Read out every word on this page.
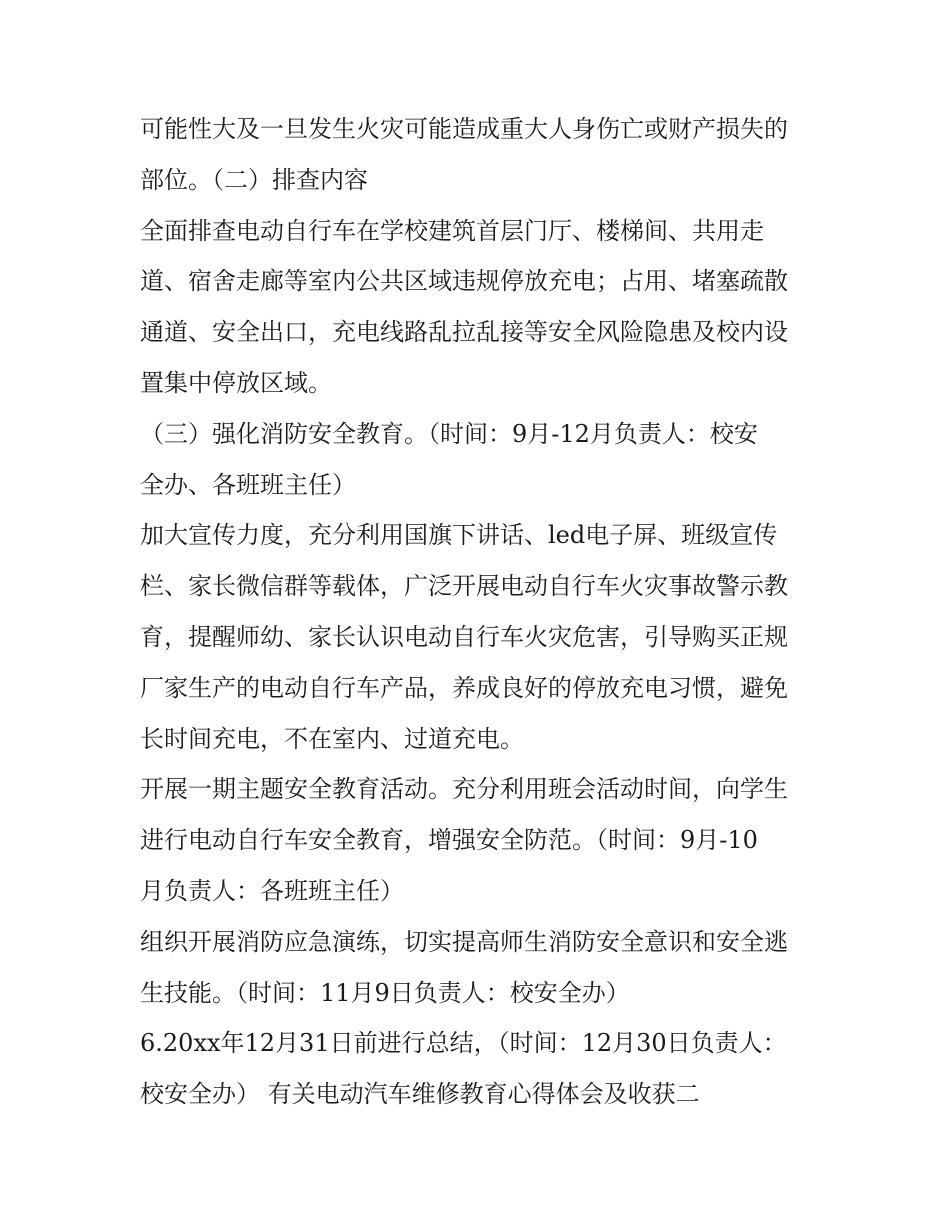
可能性大及一旦发生火灾可能造成重大人身伤亡或财产损失的
部位。（二）排查内容
全面排查电动自行车在学校建筑首层门厅、楼梯间、共用走
道、宿舍走廊等室内公共区域违规停放充电；占用、堵塞疏散
通道、安全出口，充电线路乱拉乱接等安全风险隐患及校内设
置集中停放区域。
（三）强化消防安全教育。（时间：9月-12月负责人：校安
全办、各班班主任）
加大宣传力度，充分利用国旗下讲话、led电子屏、班级宣传
栏、家长微信群等载体，广泛开展电动自行车火灾事故警示教
育，提醒师幼、家长认识电动自行车火灾危害，引导购买正规
厂家生产的电动自行车产品，养成良好的停放充电习惯，避免
长时间充电，不在室内、过道充电。
开展一期主题安全教育活动。充分利用班会活动时间，向学生
进行电动自行车安全教育，增强安全防范。（时间：9月-10
月负责人：各班班主任）
组织开展消防应急演练，切实提高师生消防安全意识和安全逃
生技能。（时间：11月9日负责人：校安全办）
6.20xx年12月31日前进行总结，（时间：12月30日负责人：
校安全办） 有关电动汽车维修教育心得体会及收获二
